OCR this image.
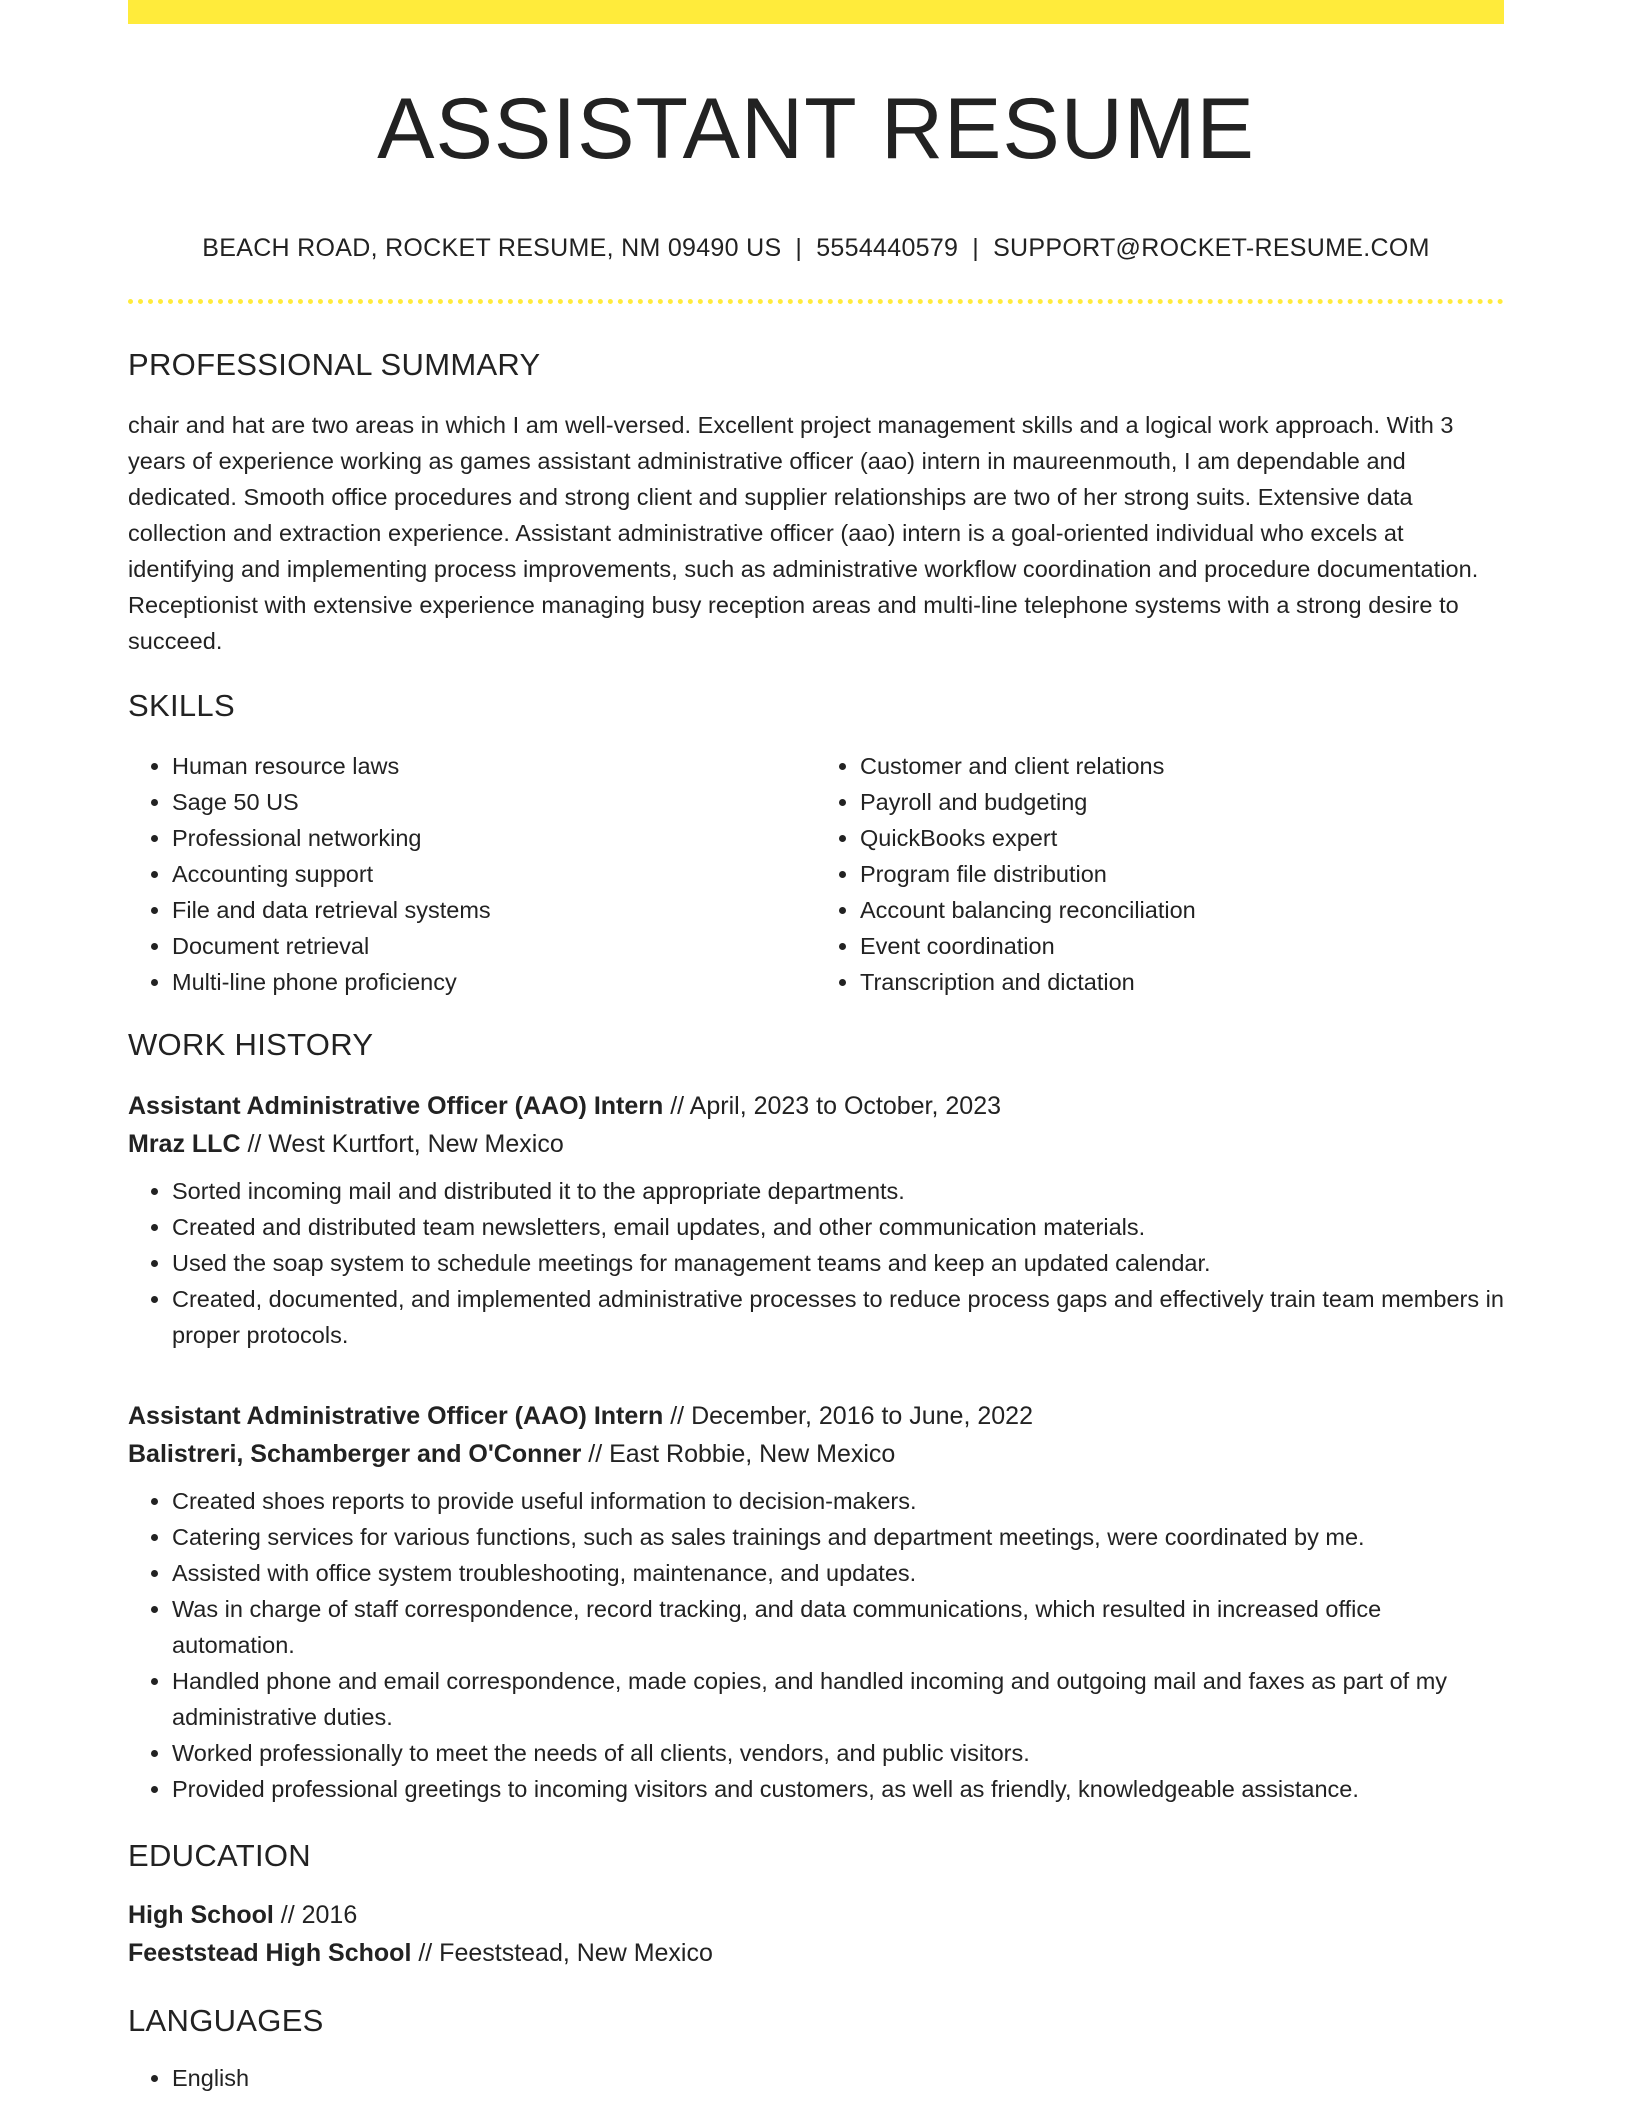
ASSISTANT RESUME
BEACH ROAD, ROCKET RESUME, NM 09490 US | 5554440579 | SUPPORT@ROCKET-RESUME.COM
PROFESSIONAL SUMMARY

chair and hat are two areas in which I am well-versed. Excellent project management skills and a logical work approach. With 3 years of experience working as games assistant administrative officer (aao) intern in maureenmouth, I am dependable and dedicated. Smooth office procedures and strong client and supplier relationships are two of her strong suits. Extensive data collection and extraction experience. Assistant administrative officer (aao) intern is a goal-oriented individual who excels at identifying and implementing process improvements, such as administrative workflow coordination and procedure documentation. Receptionist with extensive experience managing busy reception areas and multi-line telephone systems with a strong desire to succeed.

SKILLS
• Human resource laws
• Sage 50 US
• Professional networking
• Accounting support
• File and data retrieval systems
• Document retrieval
• Multi-line phone proficiency
• Customer and client relations
• Payroll and budgeting
• QuickBooks expert
• Program file distribution
• Account balancing reconciliation
• Event coordination
• Transcription and dictation
WORK HISTORY
Assistant Administrative Officer (AAO) Intern // April, 2023 to October, 2023
Mraz LLC // West Kurtfort, New Mexico
• Sorted incoming mail and distributed it to the appropriate departments.
• Created and distributed team newsletters, email updates, and other communication materials.
• Used the soap system to schedule meetings for management teams and keep an updated calendar.
• Created, documented, and implemented administrative processes to reduce process gaps and effectively train team members in proper protocols.
Assistant Administrative Officer (AAO) Intern // December, 2016 to June, 2022
Balistreri, Schamberger and O'Conner // East Robbie, New Mexico
• Created shoes reports to provide useful information to decision-makers.
• Catering services for various functions, such as sales trainings and department meetings, were coordinated by me.
• Assisted with office system troubleshooting, maintenance, and updates.
• Was in charge of staff correspondence, record tracking, and data communications, which resulted in increased office automation.
• Handled phone and email correspondence, made copies, and handled incoming and outgoing mail and faxes as part of my administrative duties.
• Worked professionally to meet the needs of all clients, vendors, and public visitors.
• Provided professional greetings to incoming visitors and customers, as well as friendly, knowledgeable assistance.
EDUCATION
High School // 2016
Feeststead High School // Feeststead, New Mexico
LANGUAGES
• English
